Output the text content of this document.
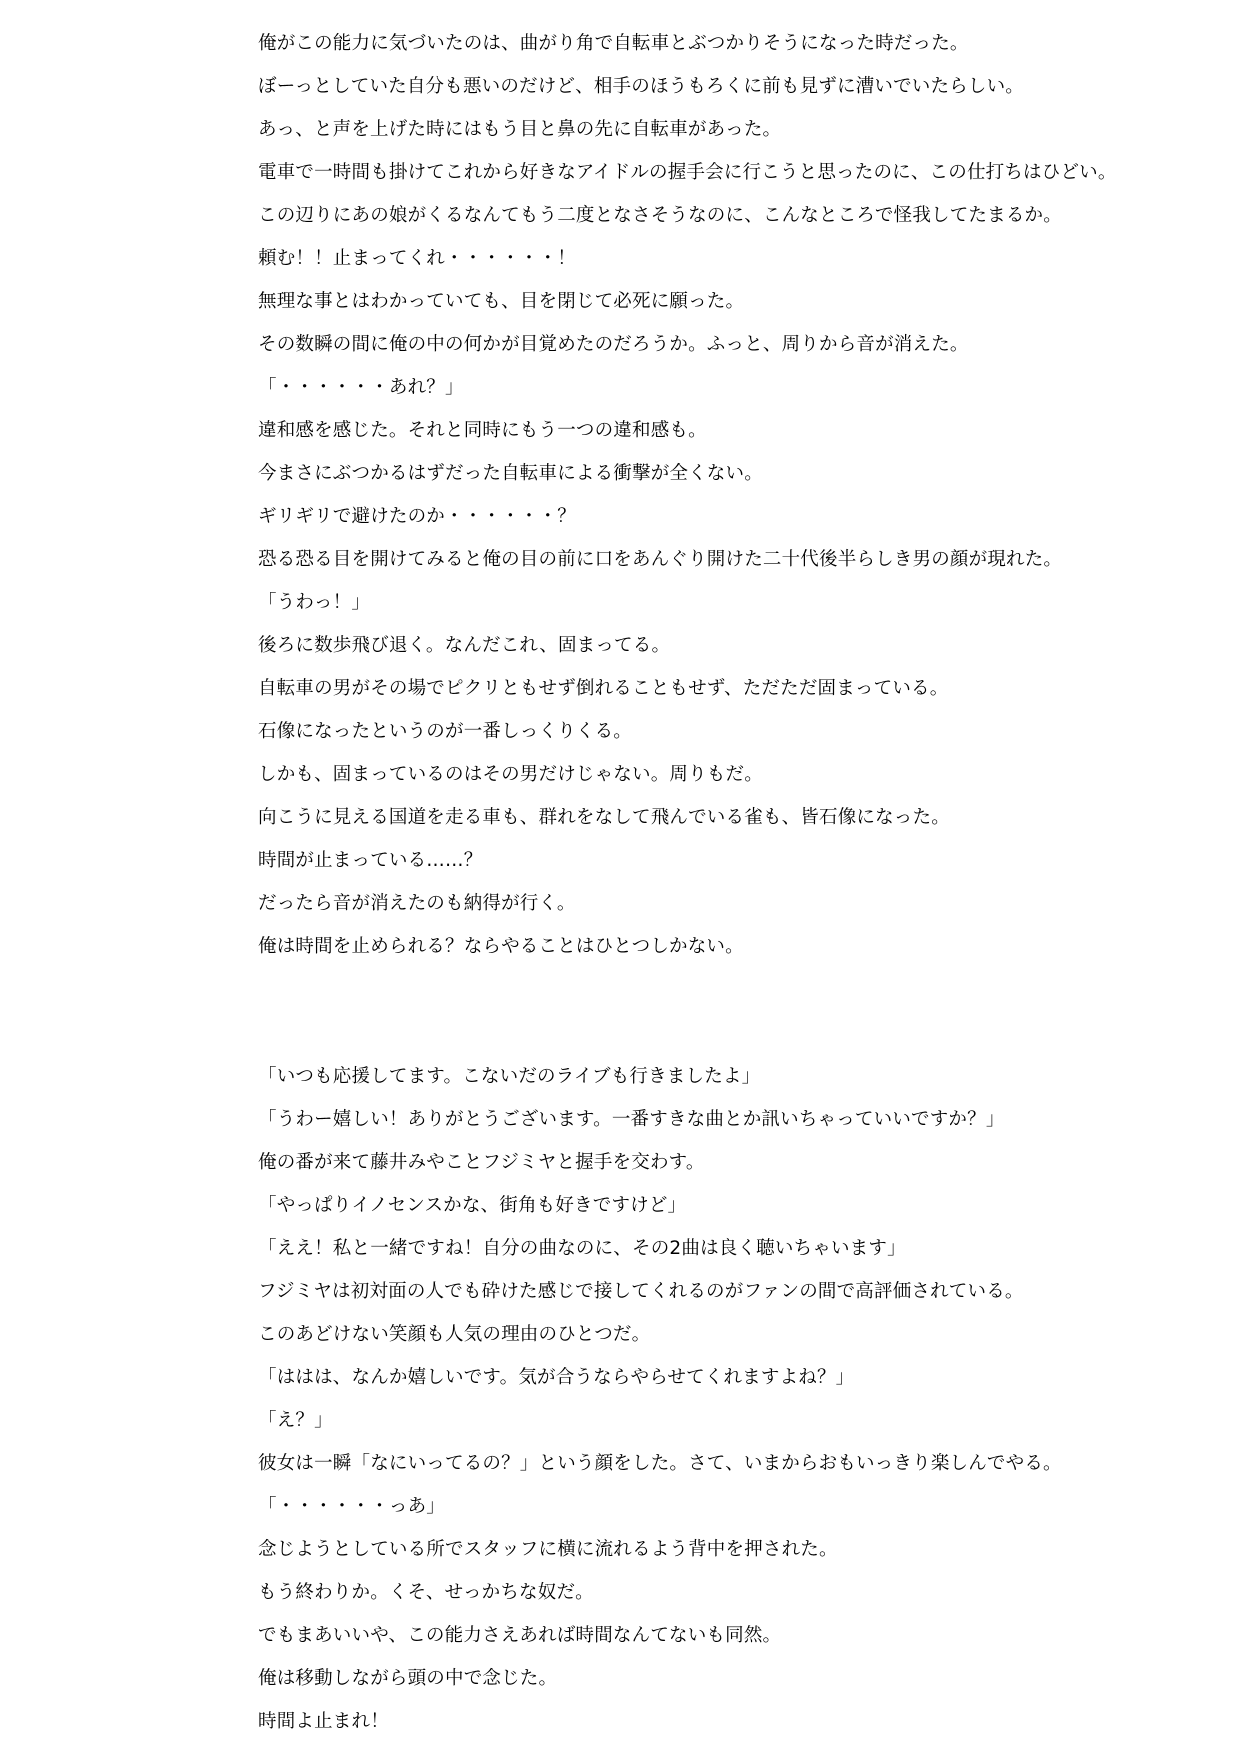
俺がこの能力に気づいたのは、曲がり角で自転車とぶつかりそうになった時だった。
ぼーっとしていた自分も悪いのだけど、相手のほうもろくに前も見ずに漕いでいたらしい。
あっ、と声を上げた時にはもう目と鼻の先に自転車があった。
電車で一時間も掛けてこれから好きなアイドルの握手会に行こうと思ったのに、この仕打ちはひどい。
この辺りにあの娘がくるなんてもう二度となさそうなのに、こんなところで怪我してたまるか。
頼む！！止まってくれ・・・・・・！
無理な事とはわかっていても、目を閉じて必死に願った。
その数瞬の間に俺の中の何かが目覚めたのだろうか。ふっと、周りから音が消えた。
「・・・・・・あれ？」
違和感を感じた。それと同時にもう一つの違和感も。
今まさにぶつかるはずだった自転車による衝撃が全くない。
ギリギリで避けたのか・・・・・・？
恐る恐る目を開けてみると俺の目の前に口をあんぐり開けた二十代後半らしき男の顔が現れた。
「うわっ！」
後ろに数歩飛び退く。なんだこれ、固まってる。
自転車の男がその場でピクリともせず倒れることもせず、ただただ固まっている。
石像になったというのが一番しっくりくる。
しかも、固まっているのはその男だけじゃない。周りもだ。
向こうに見える国道を走る車も、群れをなして飛んでいる雀も、皆石像になった。
時間が止まっている……？
だったら音が消えたのも納得が行く。
俺は時間を止められる？ならやることはひとつしかない。
「いつも応援してます。こないだのライブも行きましたよ」
「うわー嬉しい！ありがとうございます。一番すきな曲とか訊いちゃっていいですか？」
俺の番が来て藤井みやことフジミヤと握手を交わす。
「やっぱりイノセンスかな、街角も好きですけど」
「ええ！私と一緒ですね！自分の曲なのに、その2曲は良く聴いちゃいます」
フジミヤは初対面の人でも砕けた感じで接してくれるのがファンの間で高評価されている。
このあどけない笑顔も人気の理由のひとつだ。
「ははは、なんか嬉しいです。気が合うならやらせてくれますよね？」
「え？」
彼女は一瞬「なにいってるの？」という顔をした。さて、いまからおもいっきり楽しんでやる。
「・・・・・・っあ」
念じようとしている所でスタッフに横に流れるよう背中を押された。
もう終わりか。くそ、せっかちな奴だ。
でもまあいいや、この能力さえあれば時間なんてないも同然。
俺は移動しながら頭の中で念じた。
時間よ止まれ！
